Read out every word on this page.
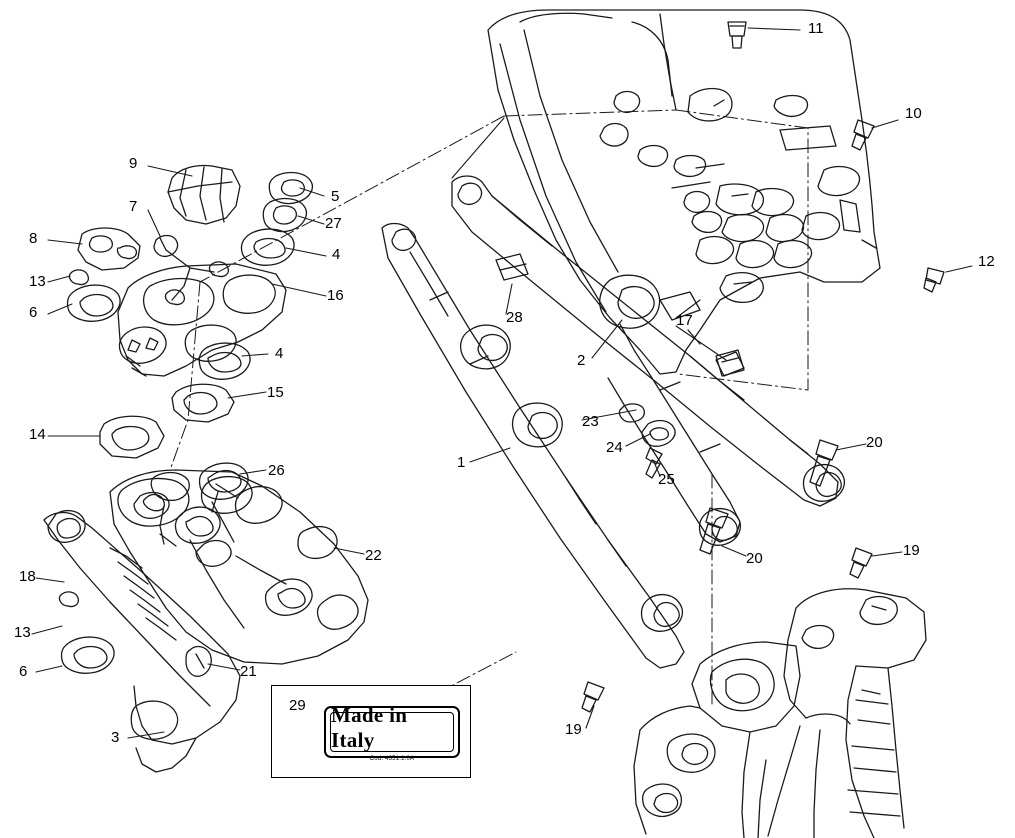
Made in Italy
Cod. 4351.1.0A
11
10
9
5
7
27
8
4	12
13
28
16
6	17
2
4
15
23
14
24	20
1
26
25
22	20	19
18
13
6	21
29
3	19
